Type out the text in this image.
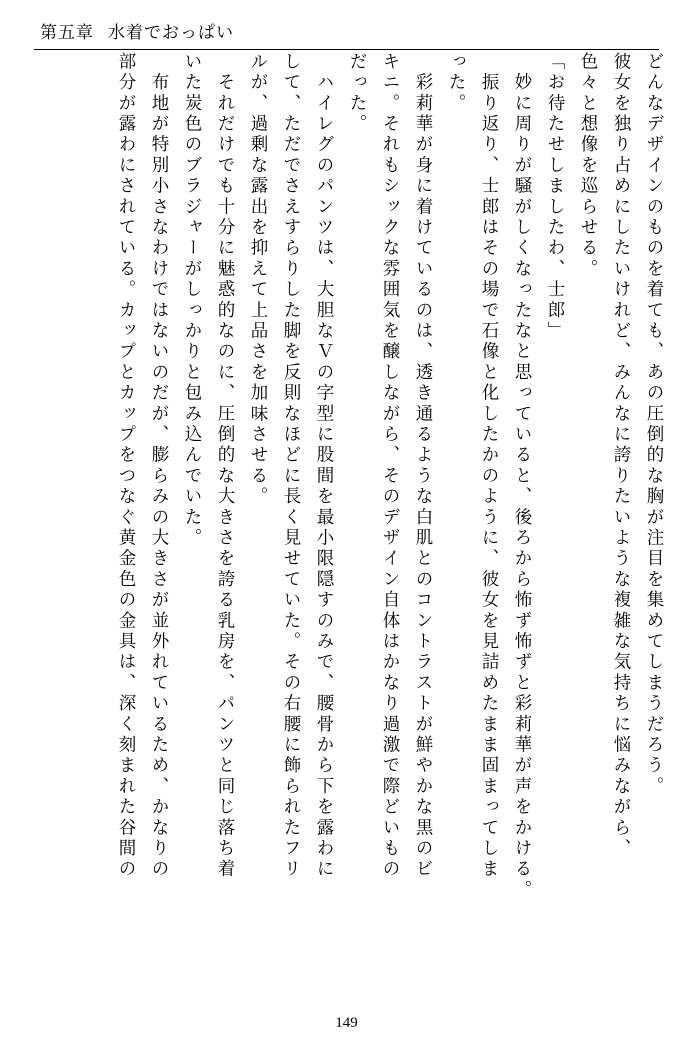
第五章 水着でおっぱい
どんなデザインのものを着ても、あの圧倒的な胸が注目を集めてしまうだろう。
彼女を独り占めにしたいけれど、みんなに誇りたいような複雑な気持ちに悩みながら、
色々と想像を巡らせる。
「お待たせしましたわ、士郎」
　妙に周りが騒がしくなったなと思っていると、後ろから怖ず怖ずと彩莉華が声をかける。
　振り返り、士郎はその場で石像と化したかのように、彼女を見詰めたまま固まってしま
った。
　彩莉華が身に着けているのは、透き通るような白肌とのコントラストが鮮やかな黒のビ
キニ。それもシックな雰囲気を醸しながら、そのデザイン自体はかなり過激で際どいもの
だった。
　ハイレグのパンツは、大胆なＶの字型に股間を最小限隠すのみで、腰骨から下を露わに
して、ただでさえすらりした脚を反則なほどに長く見せていた。その右腰に飾られたフリ
ルが、過剰な露出を抑えて上品さを加味させる。
　それだけでも十分に魅惑的なのに、圧倒的な大きさを誇る乳房を、パンツと同じ落ち着
いた炭色のブラジャーがしっかりと包み込んでいた。
　布地が特別小さなわけではないのだが、膨らみの大きさが並外れているため、かなりの
部分が露わにされている。カップとカップをつなぐ黄金色の金具は、深く刻まれた谷間の
149
